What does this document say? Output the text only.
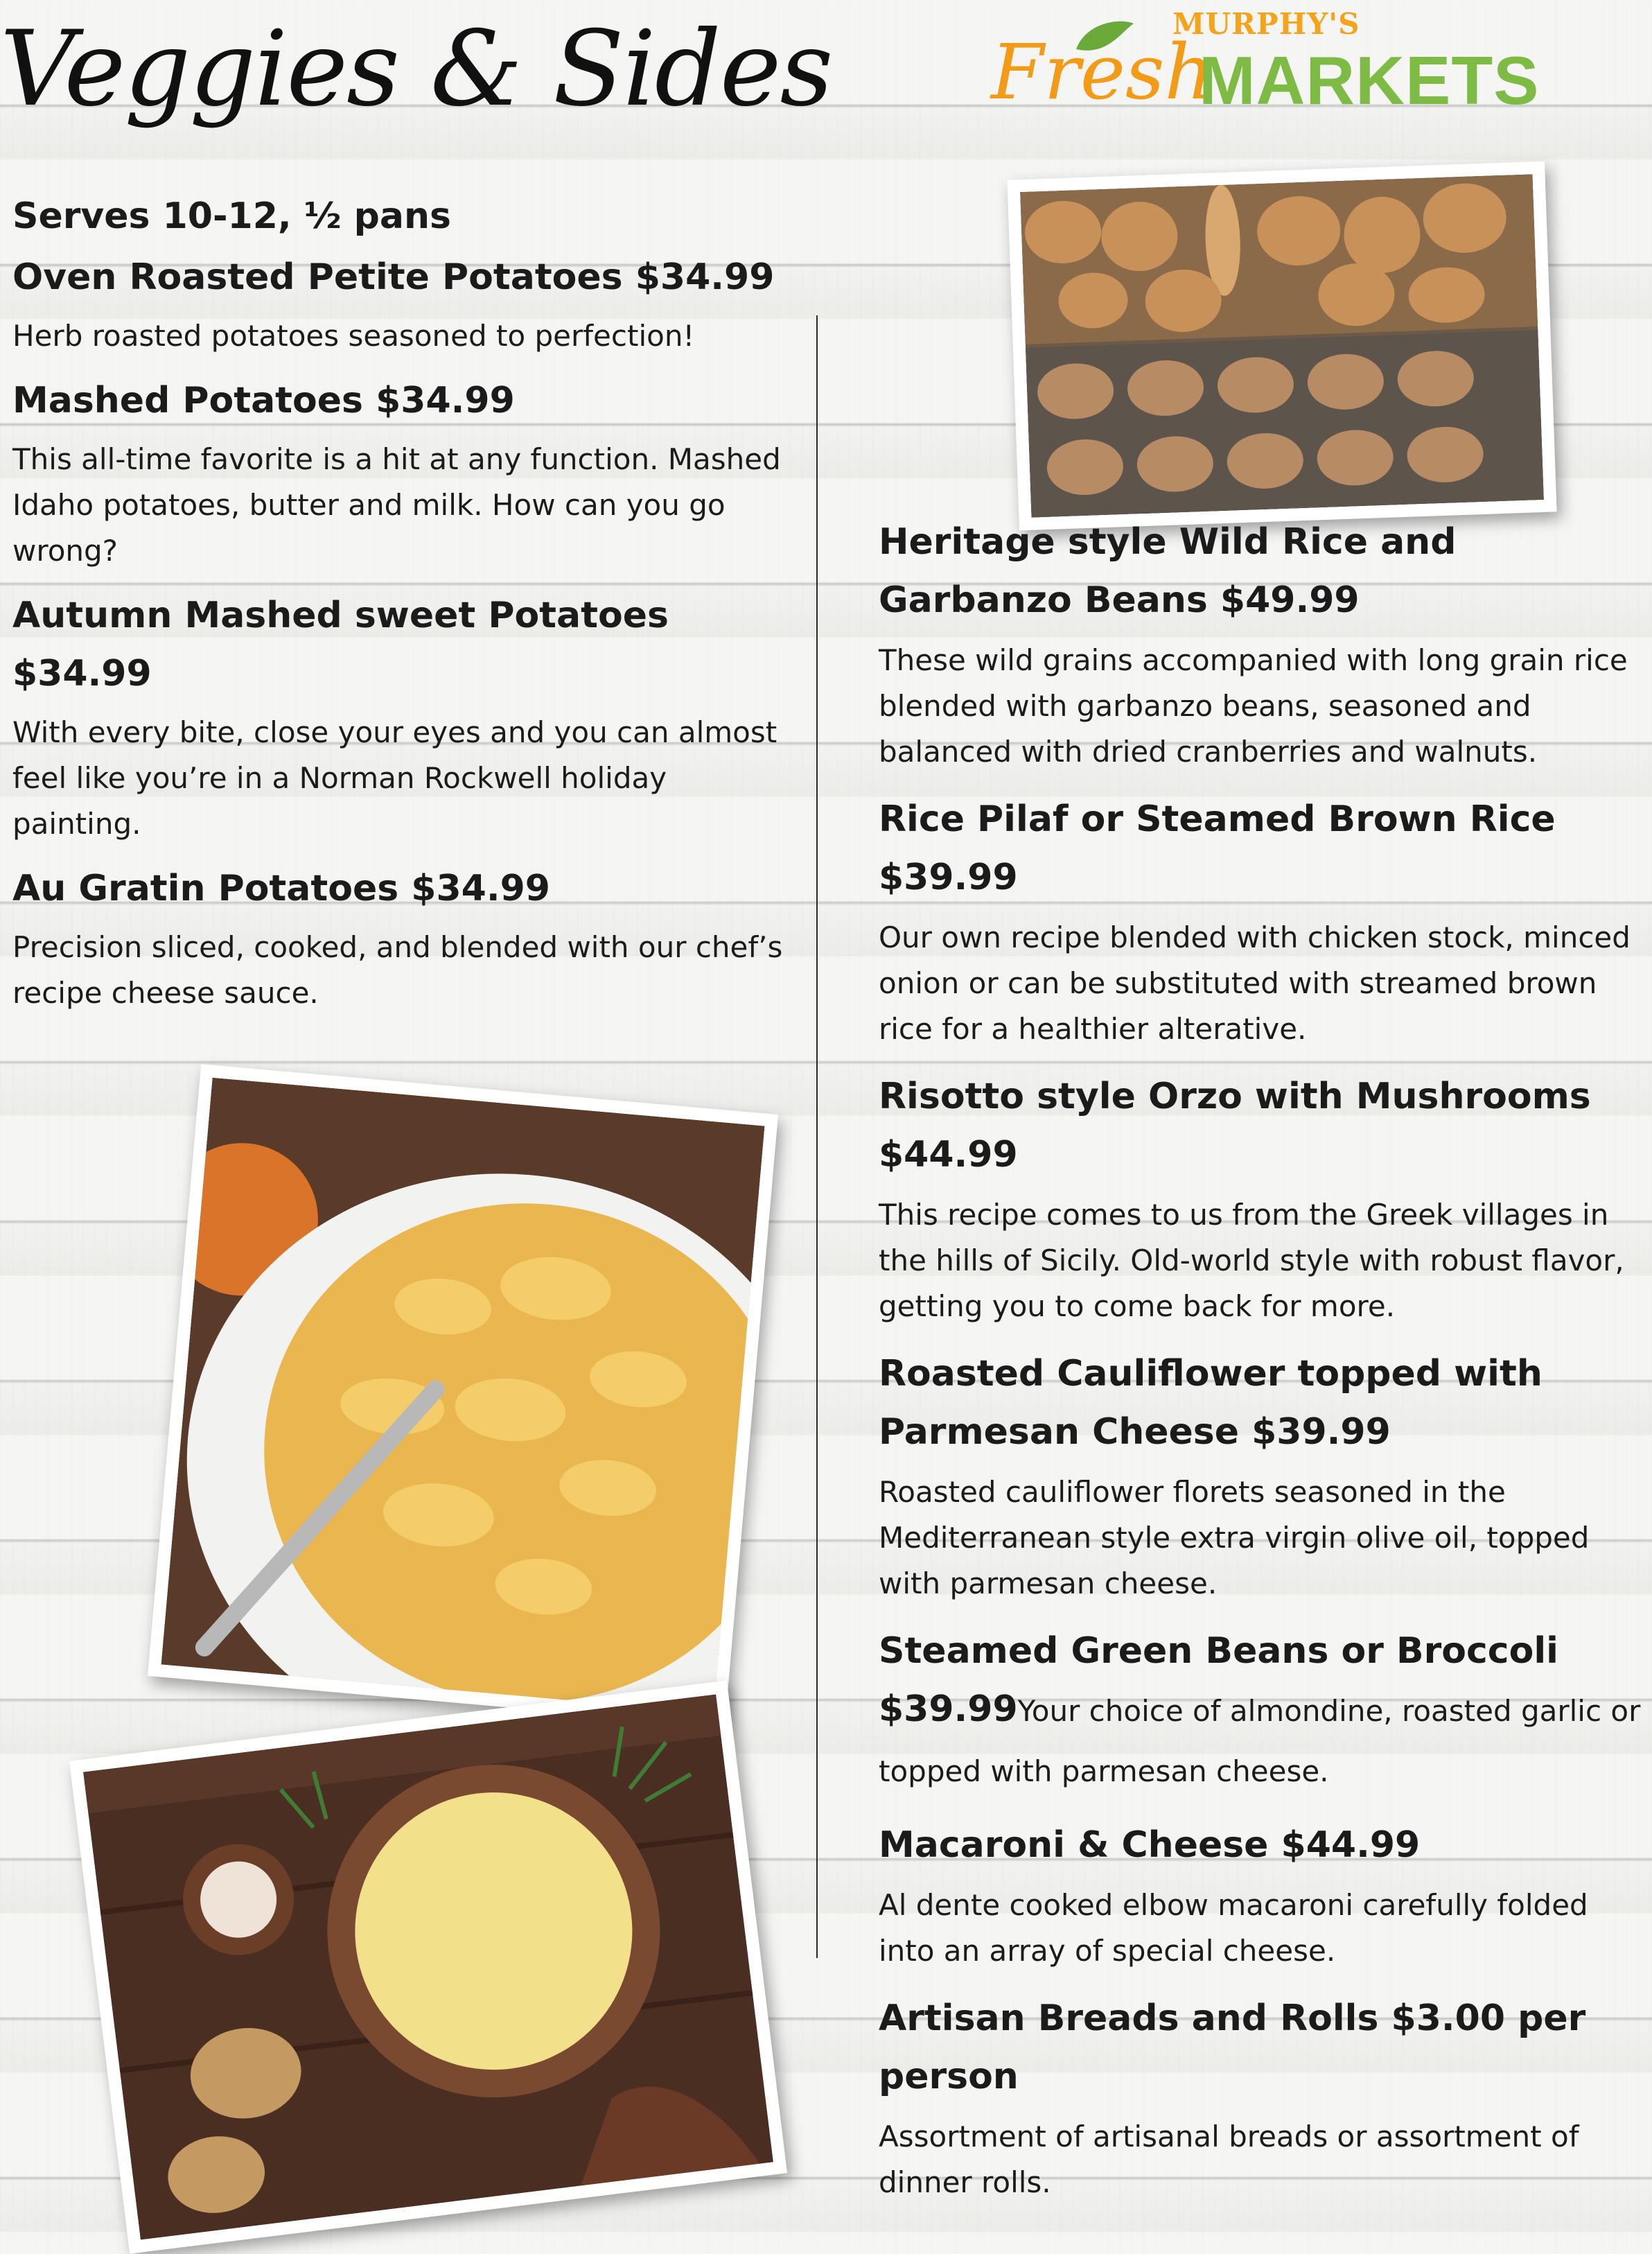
Veggies & Sides	MURPHY'S
Fresh
MARKETS
Serves 10-12, ½ pans
Oven Roasted Petite Potatoes $34.99

Herb roasted potatoes seasoned to perfection!

Mashed Potatoes $34.99

This all-time favorite is a hit at any function. Mashed Idaho potatoes, butter and milk. How can you go wrong?

Autumn Mashed sweet Potatoes $34.99

With every bite, close your eyes and you can almost feel like you’re in a Norman Rockwell holiday painting.

Au Gratin Potatoes $34.99

Precision sliced, cooked, and blended with our chef’s recipe cheese sauce.

Heritage style Wild Rice and Garbanzo Beans $49.99

These wild grains accompanied with long grain rice blended with garbanzo beans, seasoned and balanced with dried cranberries and walnuts.

Rice Pilaf or Steamed Brown Rice $39.99

Our own recipe blended with chicken stock, minced onion or can be substituted with streamed brown rice for a healthier alterative.

Risotto style Orzo with Mushrooms $44.99

This recipe comes to us from the Greek villages in the hills of Sicily. Old-world style with robust flavor, getting you to come back for more.

Roasted Cauliflower topped with Parmesan Cheese $39.99

Roasted cauliflower florets seasoned in the Mediterranean style extra virgin olive oil, topped with parmesan cheese.

Steamed Green Beans or Broccoli $39.99Your choice of almondine, roasted garlic or topped with parmesan cheese.

Macaroni & Cheese $44.99

Al dente cooked elbow macaroni carefully folded into an array of special cheese.

Artisan Breads and Rolls $3.00 per person

Assortment of artisanal breads or assortment of dinner rolls.
